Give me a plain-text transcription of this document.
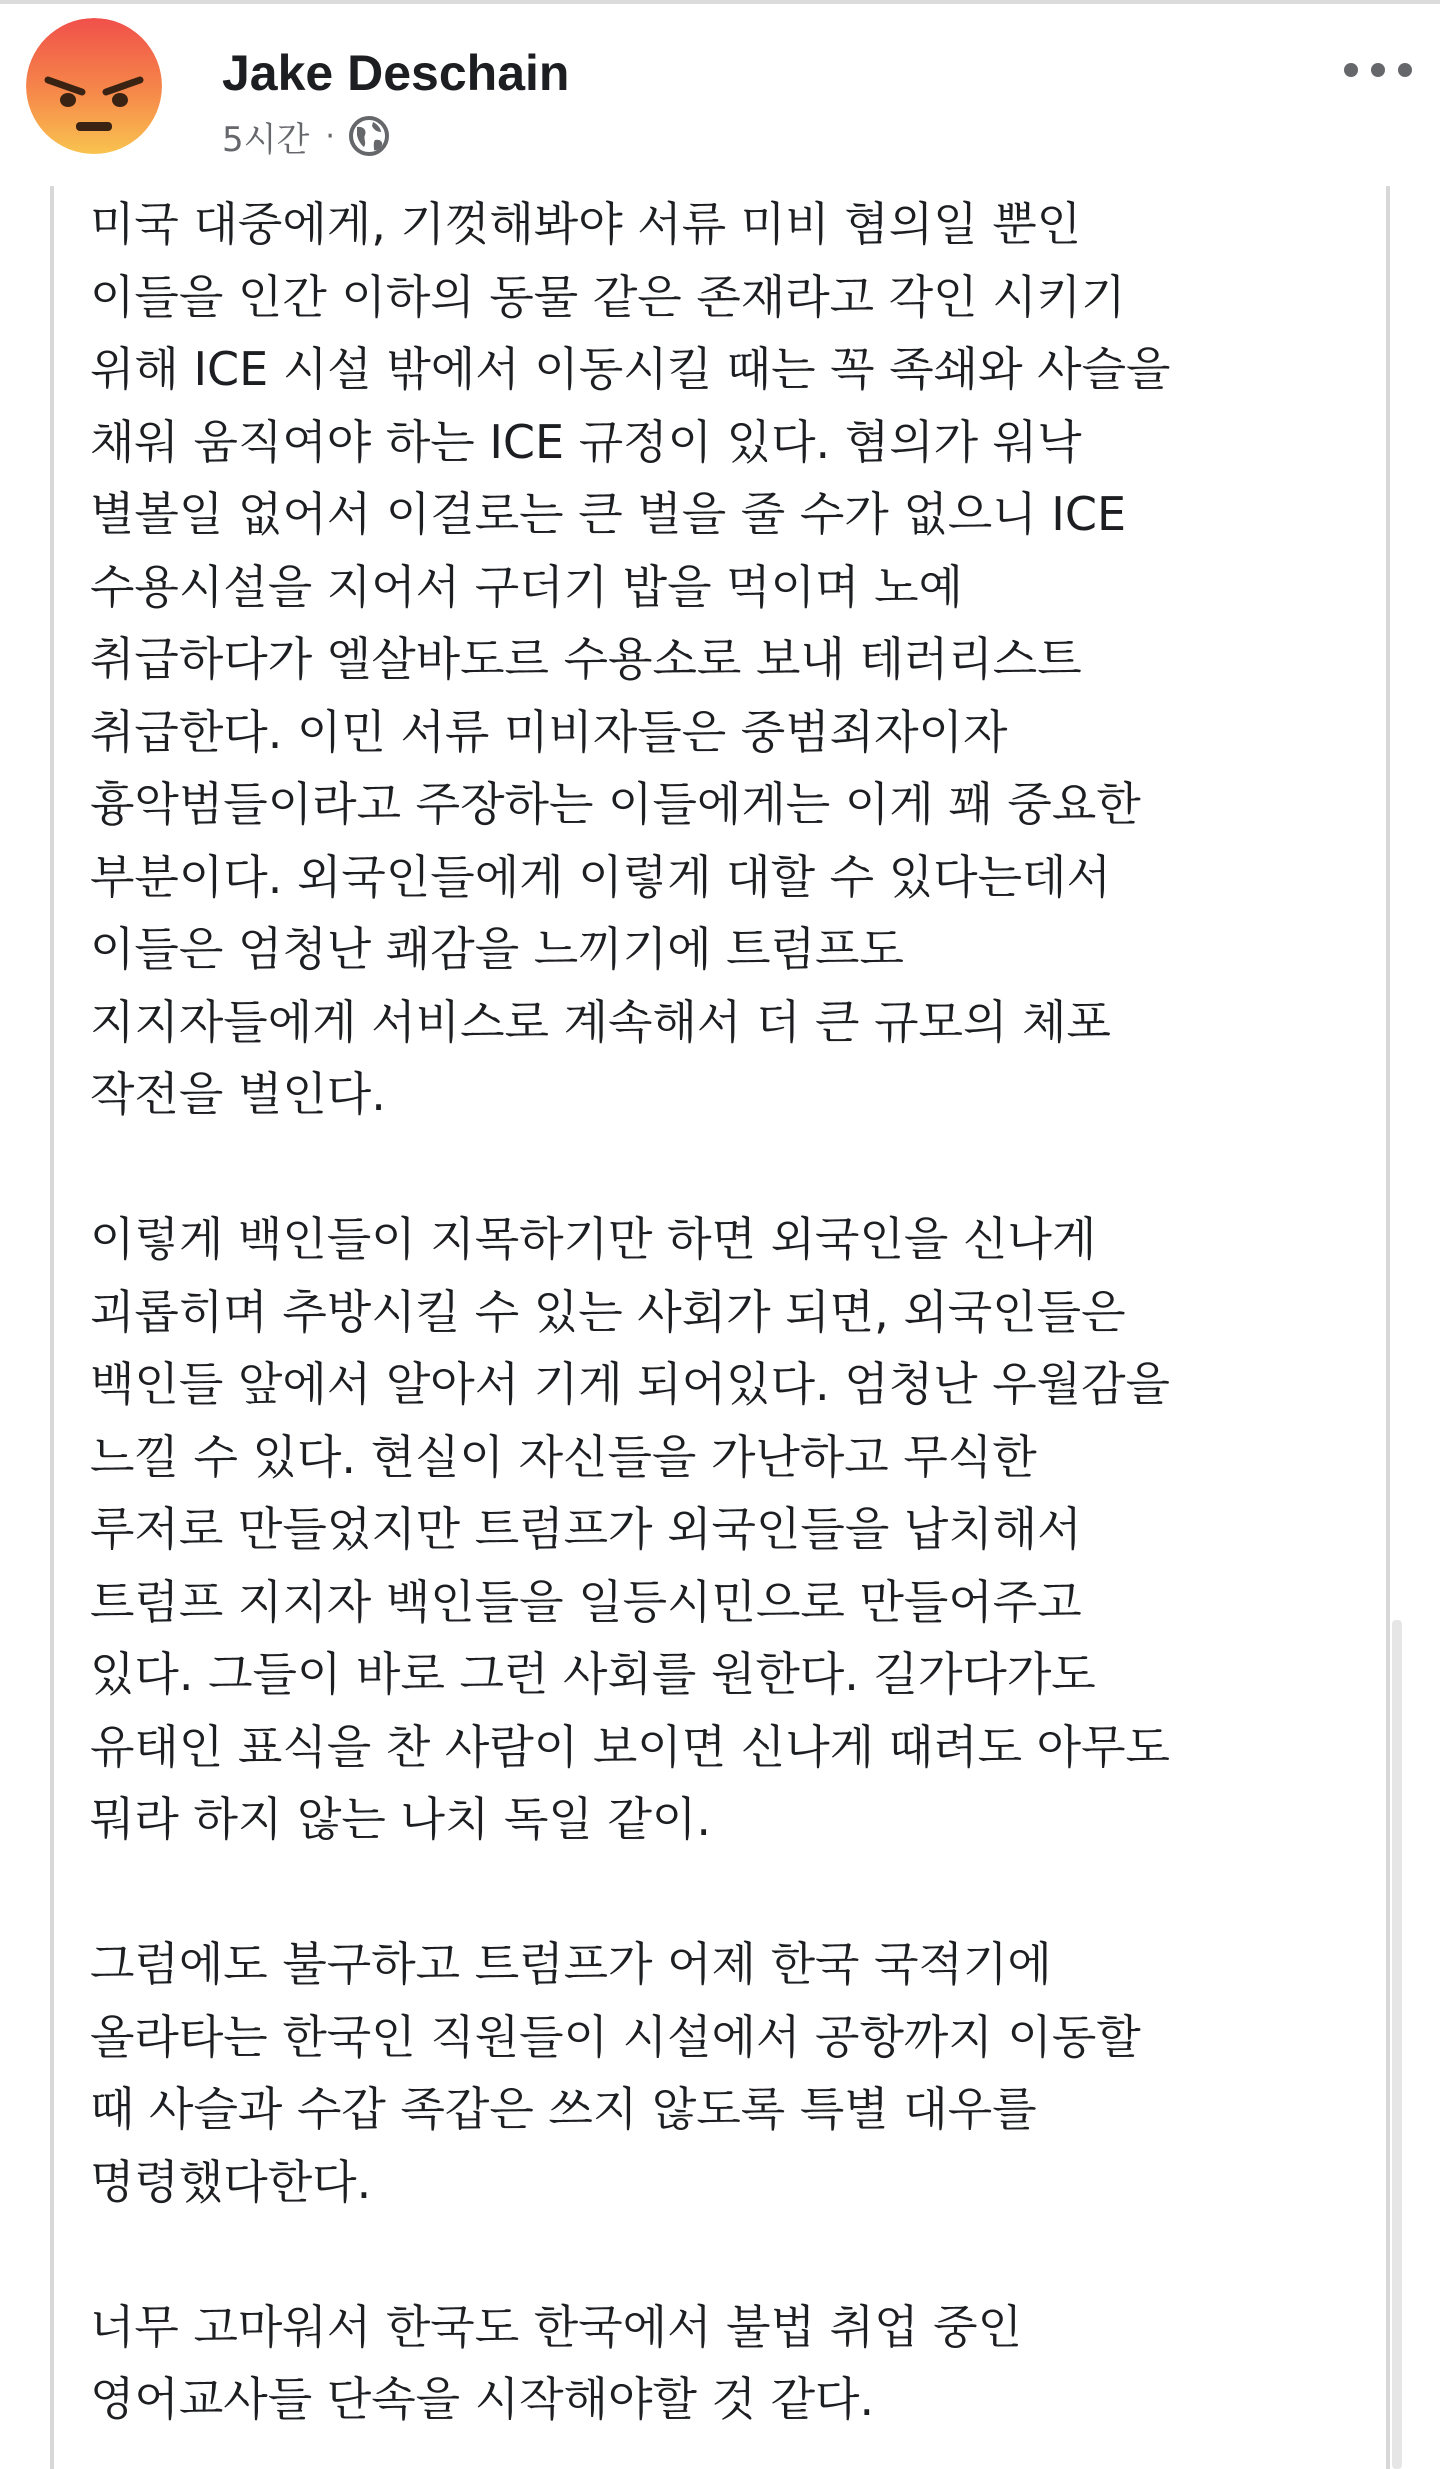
Jake Deschain
5시간 ·
미국 대중에게, 기껏해봐야 서류 미비 혐의일 뿐인
이들을 인간 이하의 동물 같은 존재라고 각인 시키기
위해 ICE 시설 밖에서 이동시킬 때는 꼭 족쇄와 사슬을
채워 움직여야 하는 ICE 규정이 있다. 혐의가 워낙
별볼일 없어서 이걸로는 큰 벌을 줄 수가 없으니 ICE
수용시설을 지어서 구더기 밥을 먹이며 노예
취급하다가 엘살바도르 수용소로 보내 테러리스트
취급한다. 이민 서류 미비자들은 중범죄자이자
흉악범들이라고 주장하는 이들에게는 이게 꽤 중요한
부분이다. 외국인들에게 이렇게 대할 수 있다는데서
이들은 엄청난 쾌감을 느끼기에 트럼프도
지지자들에게 서비스로 계속해서 더 큰 규모의 체포
작전을 벌인다.
이렇게 백인들이 지목하기만 하면 외국인을 신나게
괴롭히며 추방시킬 수 있는 사회가 되면, 외국인들은
백인들 앞에서 알아서 기게 되어있다. 엄청난 우월감을
느낄 수 있다. 현실이 자신들을 가난하고 무식한
루저로 만들었지만 트럼프가 외국인들을 납치해서
트럼프 지지자 백인들을 일등시민으로 만들어주고
있다. 그들이 바로 그런 사회를 원한다. 길가다가도
유태인 표식을 찬 사람이 보이면 신나게 때려도 아무도
뭐라 하지 않는 나치 독일 같이.
그럼에도 불구하고 트럼프가 어제 한국 국적기에
올라타는 한국인 직원들이 시설에서 공항까지 이동할
때 사슬과 수갑 족갑은 쓰지 않도록 특별 대우를
명령했다한다.
너무 고마워서 한국도 한국에서 불법 취업 중인
영어교사들 단속을 시작해야할 것 같다.
